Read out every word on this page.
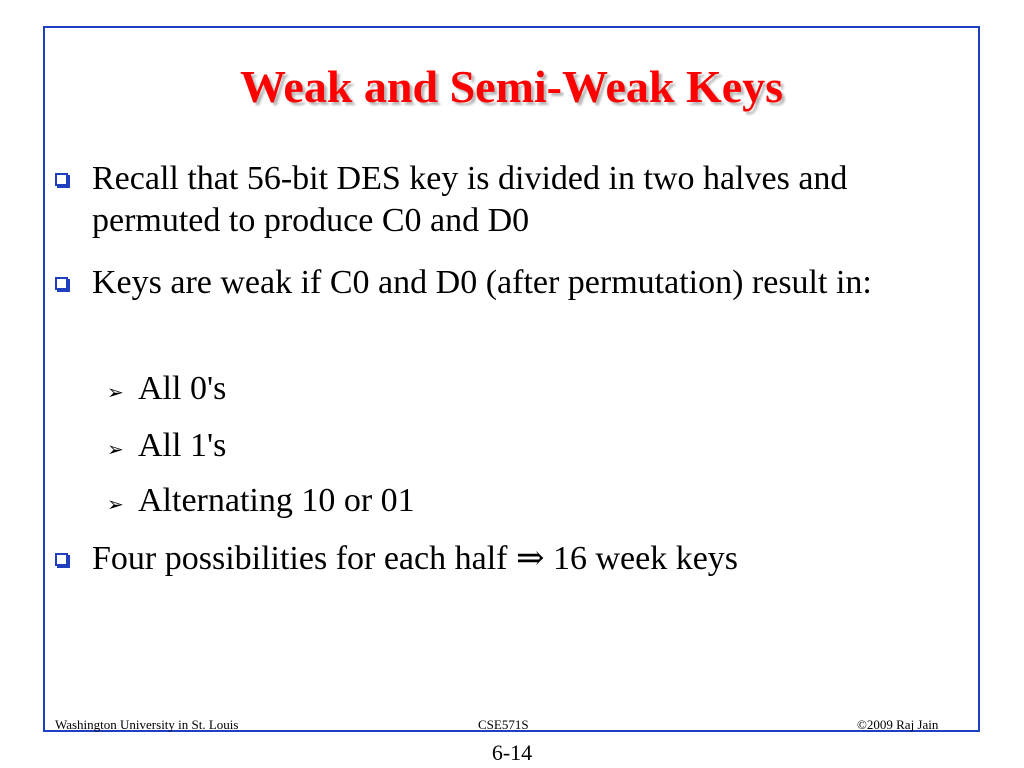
Weak and Semi-Weak Keys
Recall that 56-bit DES key is divided in two halves and permuted to produce C0 and D0
Keys are weak if C0 and D0 (after permutation) result in:
➢ All 0's
➢ All 1's
➢ Alternating 10 or 01
Four possibilities for each half ⇒ 16 week keys
Washington University in St. Louis	CSE571S	©2009 Raj Jain
6-14
